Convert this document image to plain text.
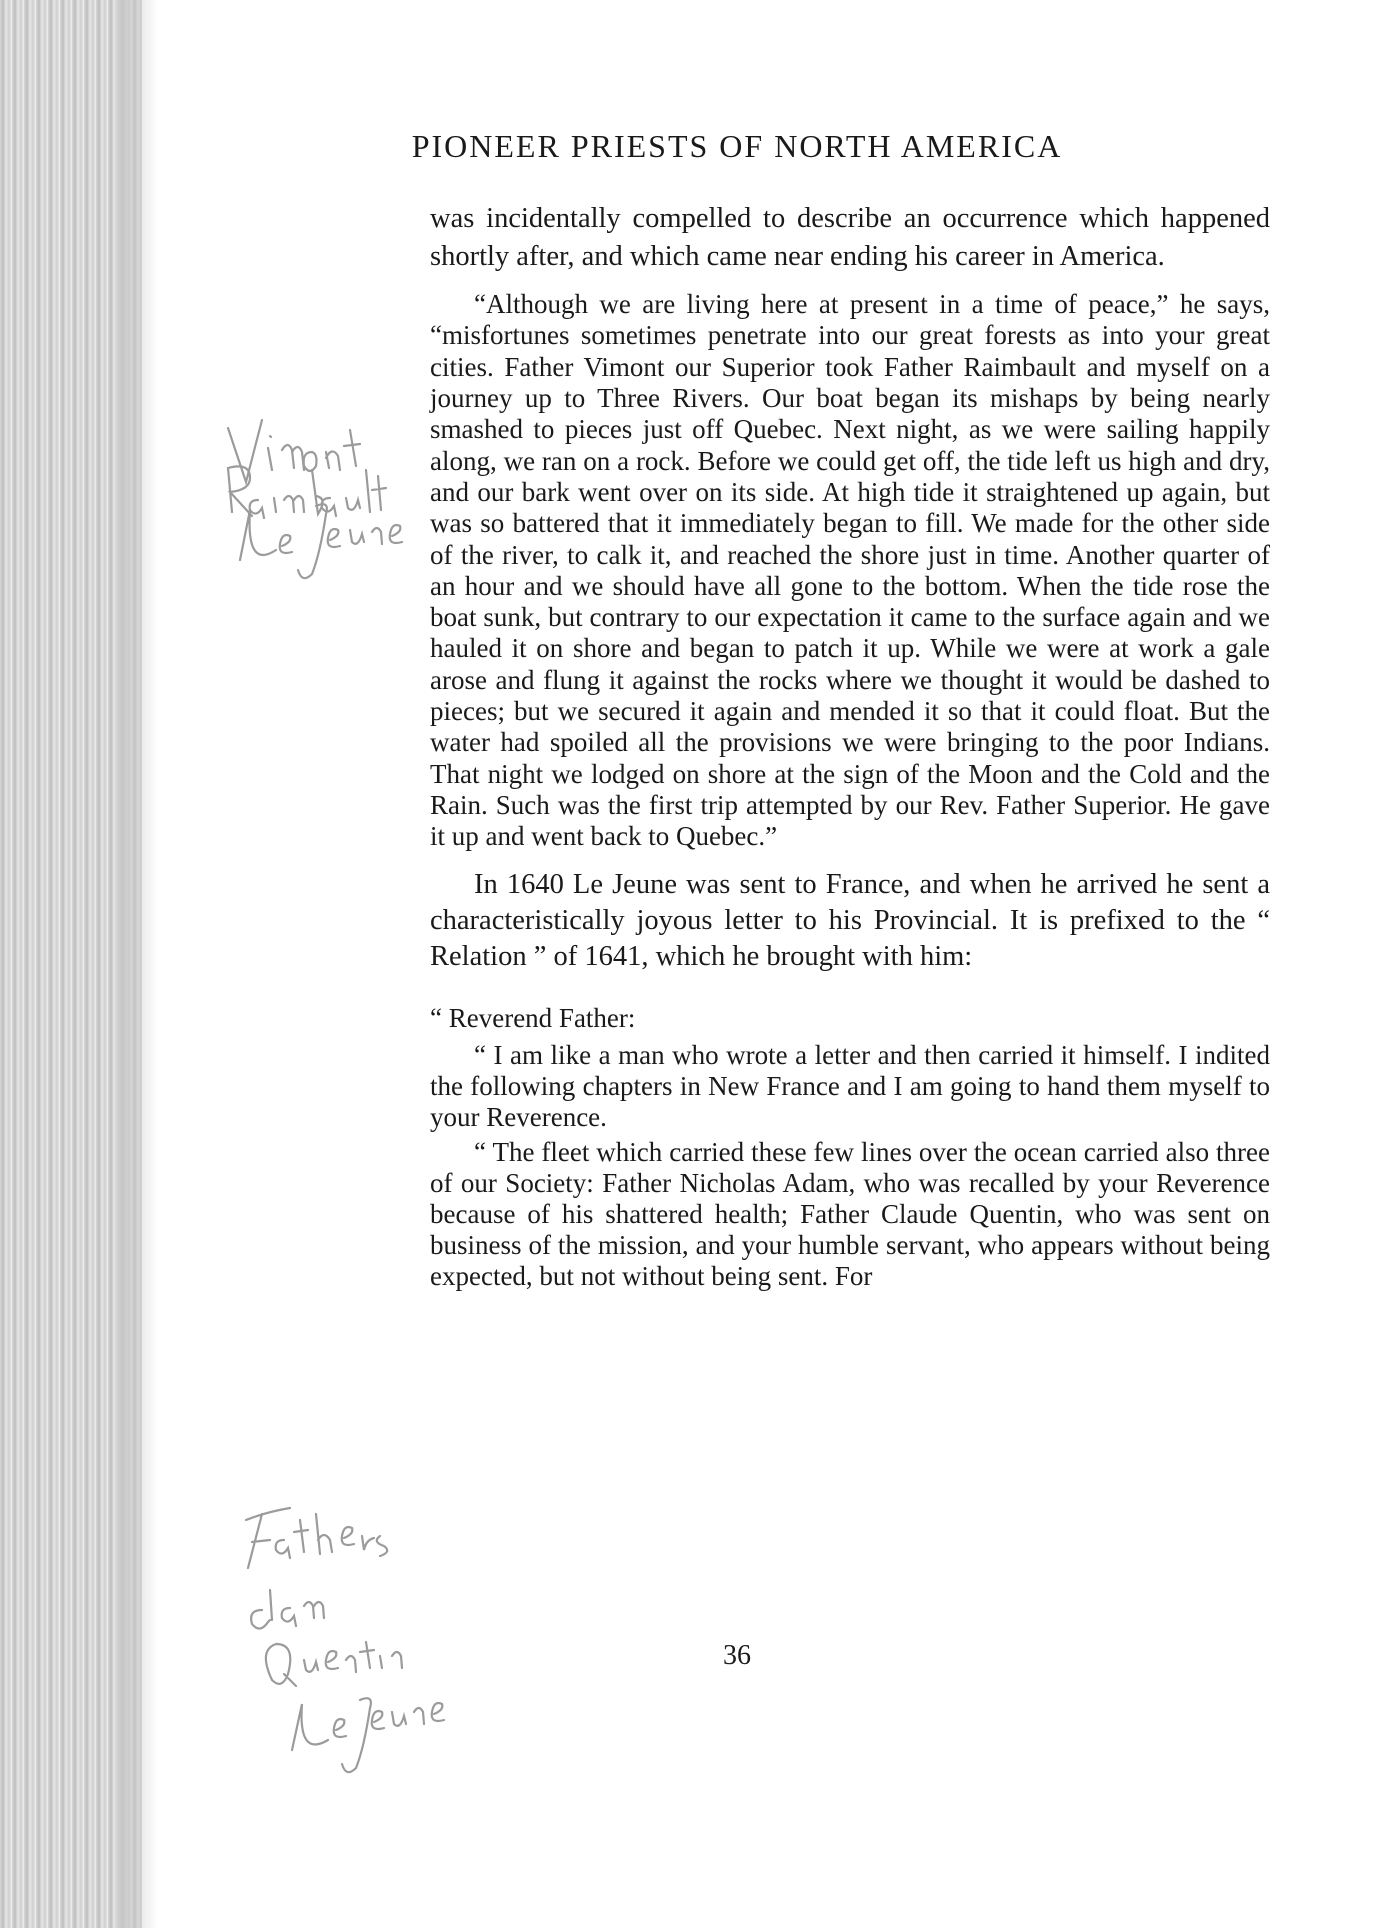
PIONEER PRIESTS OF NORTH AMERICA

was incidentally compelled to describe an occurrence which happened shortly after, and which came near ending his career in America.

“Although we are living here at present in a time of peace,” he says, “misfortunes sometimes penetrate into our great forests as into your great cities. Father Vimont our Superior took Father Raimbault and myself on a journey up to Three Rivers. Our boat began its mishaps by being nearly smashed to pieces just off Quebec. Next night, as we were sailing happily along, we ran on a rock. Before we could get off, the tide left us high and dry, and our bark went over on its side. At high tide it straightened up again, but was so battered that it immediately began to fill. We made for the other side of the river, to calk it, and reached the shore just in time. Another quarter of an hour and we should have all gone to the bottom. When the tide rose the boat sunk, but contrary to our expectation it came to the surface again and we hauled it on shore and began to patch it up. While we were at work a gale arose and flung it against the rocks where we thought it would be dashed to pieces; but we secured it again and mended it so that it could float. But the water had spoiled all the provisions we were bringing to the poor Indians. That night we lodged on shore at the sign of the Moon and the Cold and the Rain. Such was the first trip attempted by our Rev. Father Superior. He gave it up and went back to Quebec.”

In 1640 Le Jeune was sent to France, and when he arrived he sent a characteristically joyous letter to his Provincial. It is prefixed to the “ Relation ” of 1641, which he brought with him:

“ Reverend Father:

“ I am like a man who wrote a letter and then carried it himself. I indited the following chapters in New France and I am going to hand them myself to your Reverence.

“ The fleet which carried these few lines over the ocean carried also three of our Society: Father Nicholas Adam, who was recalled by your Reverence because of his shattered health; Father Claude Quentin, who was sent on business of the mission, and your humble servant, who appears without being expected, but not without being sent. For

36
